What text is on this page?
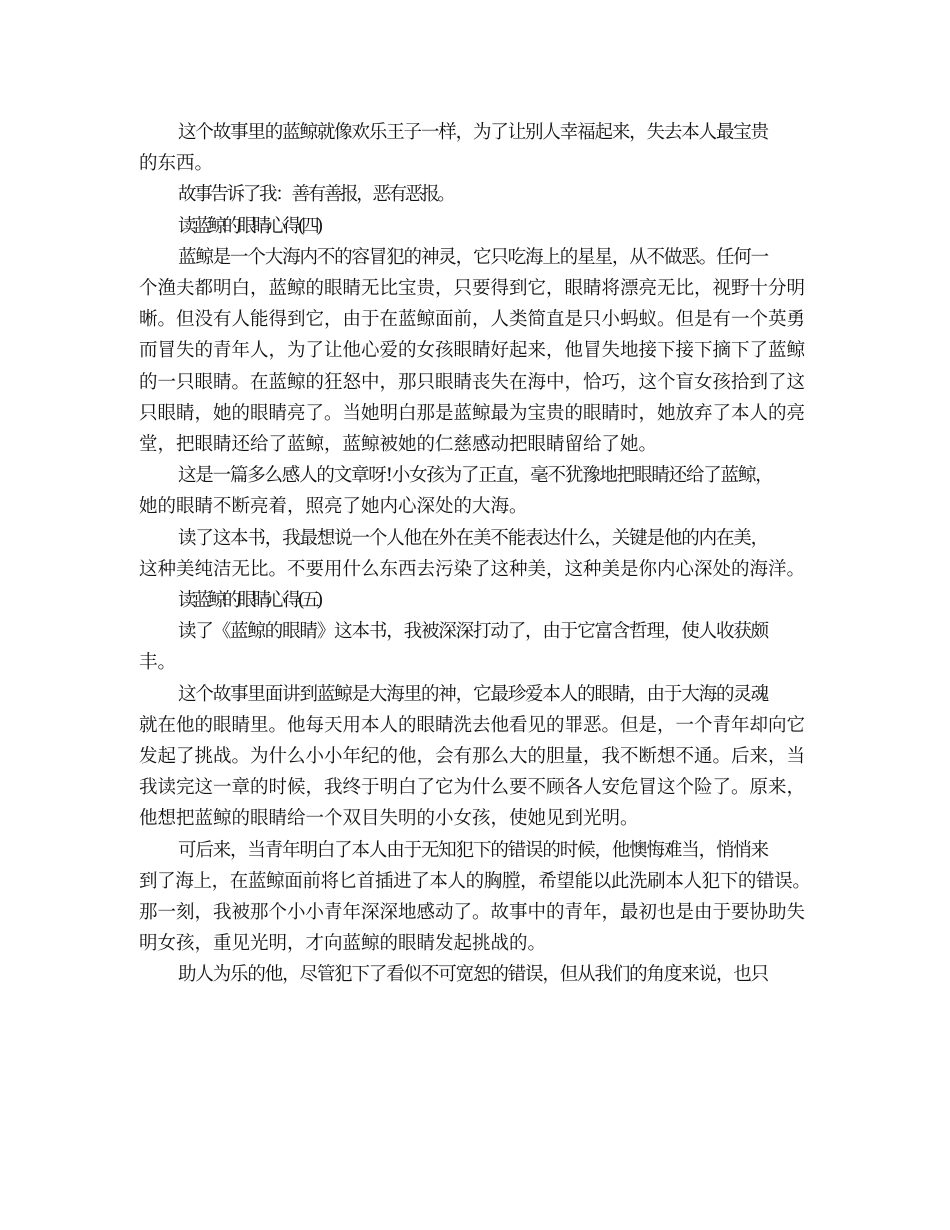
这个故事里的蓝鲸就像欢乐王子一样，为了让别人幸福起来，失去本人最宝贵
的东西。
故事告诉了我：善有善报，恶有恶报。
读蓝鲸的眼睛心得(四)
蓝鲸是一个大海内不的容冒犯的神灵，它只吃海上的星星，从不做恶。任何一
个渔夫都明白，蓝鲸的眼睛无比宝贵，只要得到它，眼睛将漂亮无比，视野十分明
晰。但没有人能得到它，由于在蓝鲸面前，人类简直是只小蚂蚁。但是有一个英勇
而冒失的青年人，为了让他心爱的女孩眼睛好起来，他冒失地接下接下摘下了蓝鲸
的一只眼睛。在蓝鲸的狂怒中，那只眼睛丧失在海中，恰巧，这个盲女孩拾到了这
只眼睛，她的眼睛亮了。当她明白那是蓝鲸最为宝贵的眼睛时，她放弃了本人的亮
堂，把眼睛还给了蓝鲸，蓝鲸被她的仁慈感动把眼睛留给了她。
这是一篇多么感人的文章呀!小女孩为了正直，毫不犹豫地把眼睛还给了蓝鲸，
她的眼睛不断亮着，照亮了她内心深处的大海。
读了这本书，我最想说一个人他在外在美不能表达什么，关键是他的内在美，
这种美纯洁无比。不要用什么东西去污染了这种美，这种美是你内心深处的海洋。
读蓝鲸的眼睛心得(五)
读了《蓝鲸的眼睛》这本书，我被深深打动了，由于它富含哲理，使人收获颇
丰。
这个故事里面讲到蓝鲸是大海里的神，它最珍爱本人的眼睛，由于大海的灵魂
就在他的眼睛里。他每天用本人的眼睛洗去他看见的罪恶。但是，一个青年却向它
发起了挑战。为什么小小年纪的他，会有那么大的胆量，我不断想不通。后来，当
我读完这一章的时候，我终于明白了它为什么要不顾各人安危冒这个险了。原来，
他想把蓝鲸的眼睛给一个双目失明的小女孩，使她见到光明。
可后来，当青年明白了本人由于无知犯下的错误的时候，他懊悔难当，悄悄来
到了海上，在蓝鲸面前将匕首插进了本人的胸膛，希望能以此洗刷本人犯下的错误。
那一刻，我被那个小小青年深深地感动了。故事中的青年，最初也是由于要协助失
明女孩，重见光明，才向蓝鲸的眼睛发起挑战的。
助人为乐的他，尽管犯下了看似不可宽恕的错误，但从我们的角度来说，也只
